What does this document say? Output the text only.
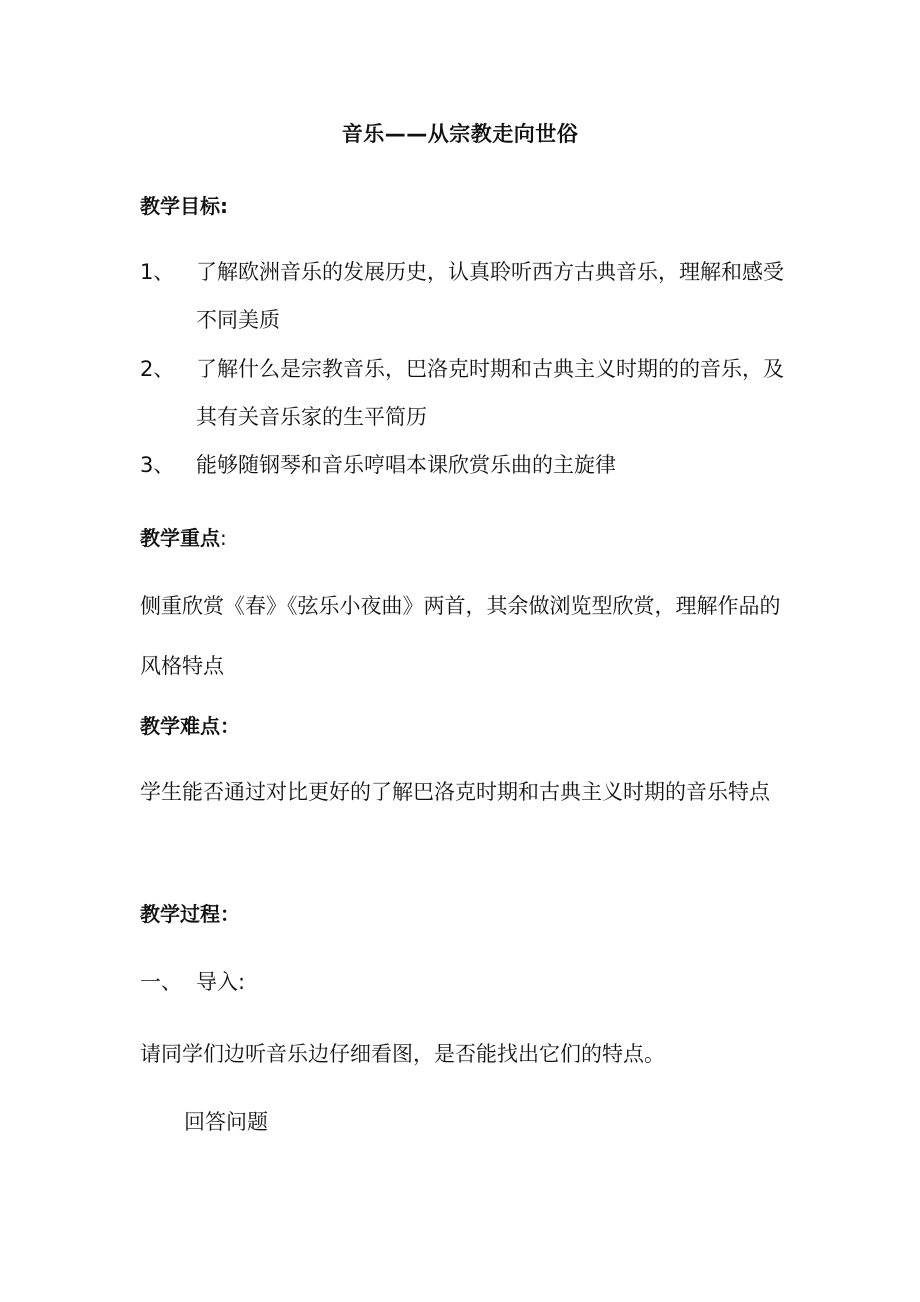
音乐——从宗教走向世俗
教学目标:
1、	了解欧洲音乐的发展历史，认真聆听西方古典音乐，理解和感受不同美质
2、	了解什么是宗教音乐，巴洛克时期和古典主义时期的的音乐，及其有关音乐家的生平简历
3、	能够随钢琴和音乐哼唱本课欣赏乐曲的主旋律
教学重点:
侧重欣赏《春》《弦乐小夜曲》两首，其余做浏览型欣赏，理解作品的风格特点
教学难点：
学生能否通过对比更好的了解巴洛克时期和古典主义时期的音乐特点
教学过程：
一、 导入:
请同学们边听音乐边仔细看图，是否能找出它们的特点。
回答问题
